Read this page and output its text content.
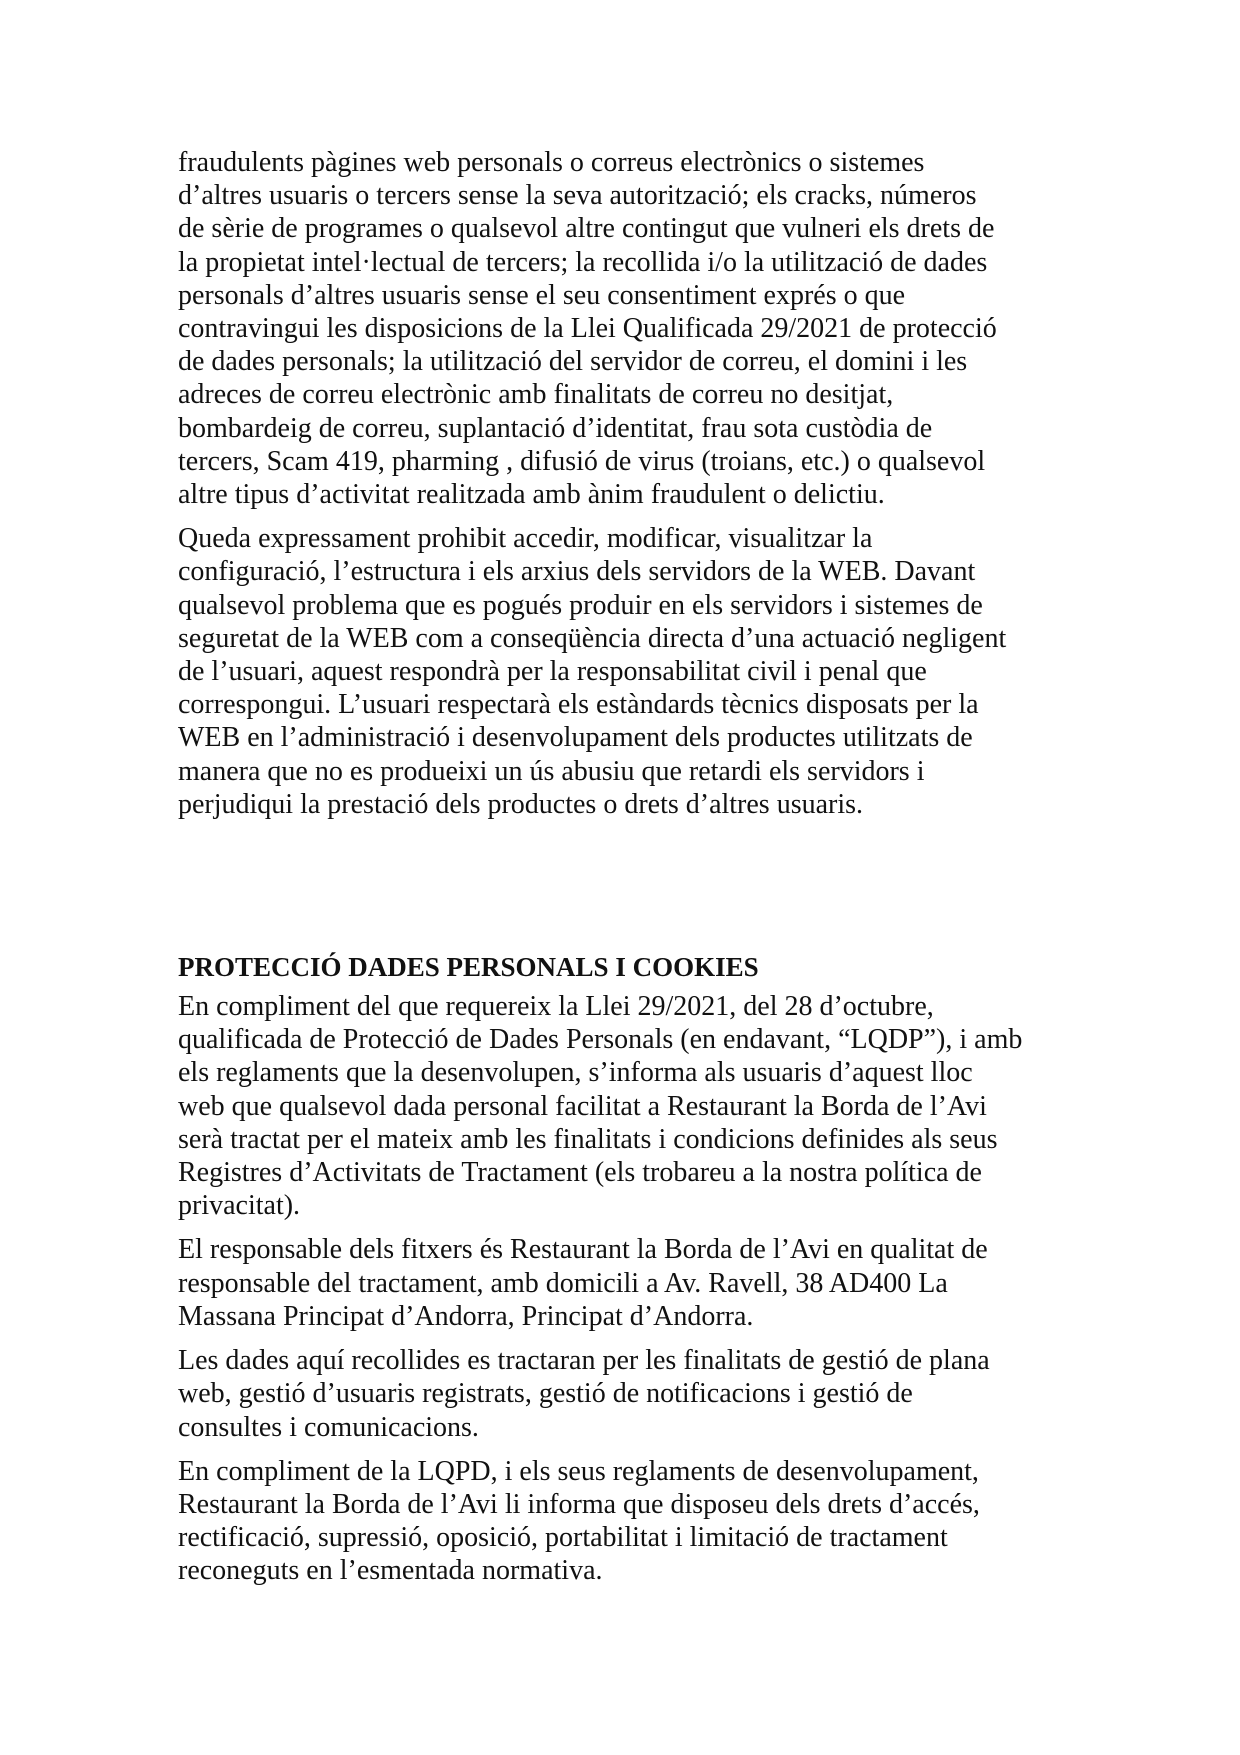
fraudulents pàgines web personals o correus electrònics o sistemes
d’altres usuaris o tercers sense la seva autorització; els cracks, números
de sèrie de programes o qualsevol altre contingut que vulneri els drets de
la propietat intel·lectual de tercers; la recollida i/o la utilització de dades
personals d’altres usuaris sense el seu consentiment exprés o que
contravingui les disposicions de la Llei Qualificada 29/2021 de protecció
de dades personals; la utilització del servidor de correu, el domini i les
adreces de correu electrònic amb finalitats de correu no desitjat,
bombardeig de correu, suplantació d’identitat, frau sota custòdia de
tercers, Scam 419, pharming , difusió de virus (troians, etc.) o qualsevol
altre tipus d’activitat realitzada amb ànim fraudulent o delictiu.

Queda expressament prohibit accedir, modificar, visualitzar la
configuració, l’estructura i els arxius dels servidors de la WEB. Davant
qualsevol problema que es pogués produir en els servidors i sistemes de
seguretat de la WEB com a conseqüència directa d’una actuació negligent
de l’usuari, aquest respondrà per la responsabilitat civil i penal que
correspongui. L’usuari respectarà els estàndards tècnics disposats per la
WEB en l’administració i desenvolupament dels productes utilitzats de
manera que no es produeixi un ús abusiu que retardi els servidors i
perjudiqui la prestació dels productes o drets d’altres usuaris.

PROTECCIÓ DADES PERSONALS I COOKIES

En compliment del que requereix la Llei 29/2021, del 28 d’octubre,
qualificada de Protecció de Dades Personals (en endavant, “LQDP”), i amb
els reglaments que la desenvolupen, s’informa als usuaris d’aquest lloc
web que qualsevol dada personal facilitat a Restaurant la Borda de l’Avi
serà tractat per el mateix amb les finalitats i condicions definides als seus
Registres d’Activitats de Tractament (els trobareu a la nostra política de
privacitat).

El responsable dels fitxers és Restaurant la Borda de l’Avi en qualitat de
responsable del tractament, amb domicili a Av. Ravell, 38 AD400 La
Massana Principat d’Andorra, Principat d’Andorra.

Les dades aquí recollides es tractaran per les finalitats de gestió de plana
web, gestió d’usuaris registrats, gestió de notificacions i gestió de
consultes i comunicacions.

En compliment de la LQPD, i els seus reglaments de desenvolupament,
Restaurant la Borda de l’Avi li informa que disposeu dels drets d’accés,
rectificació, supressió, oposició, portabilitat i limitació de tractament
reconeguts en l’esmentada normativa.
